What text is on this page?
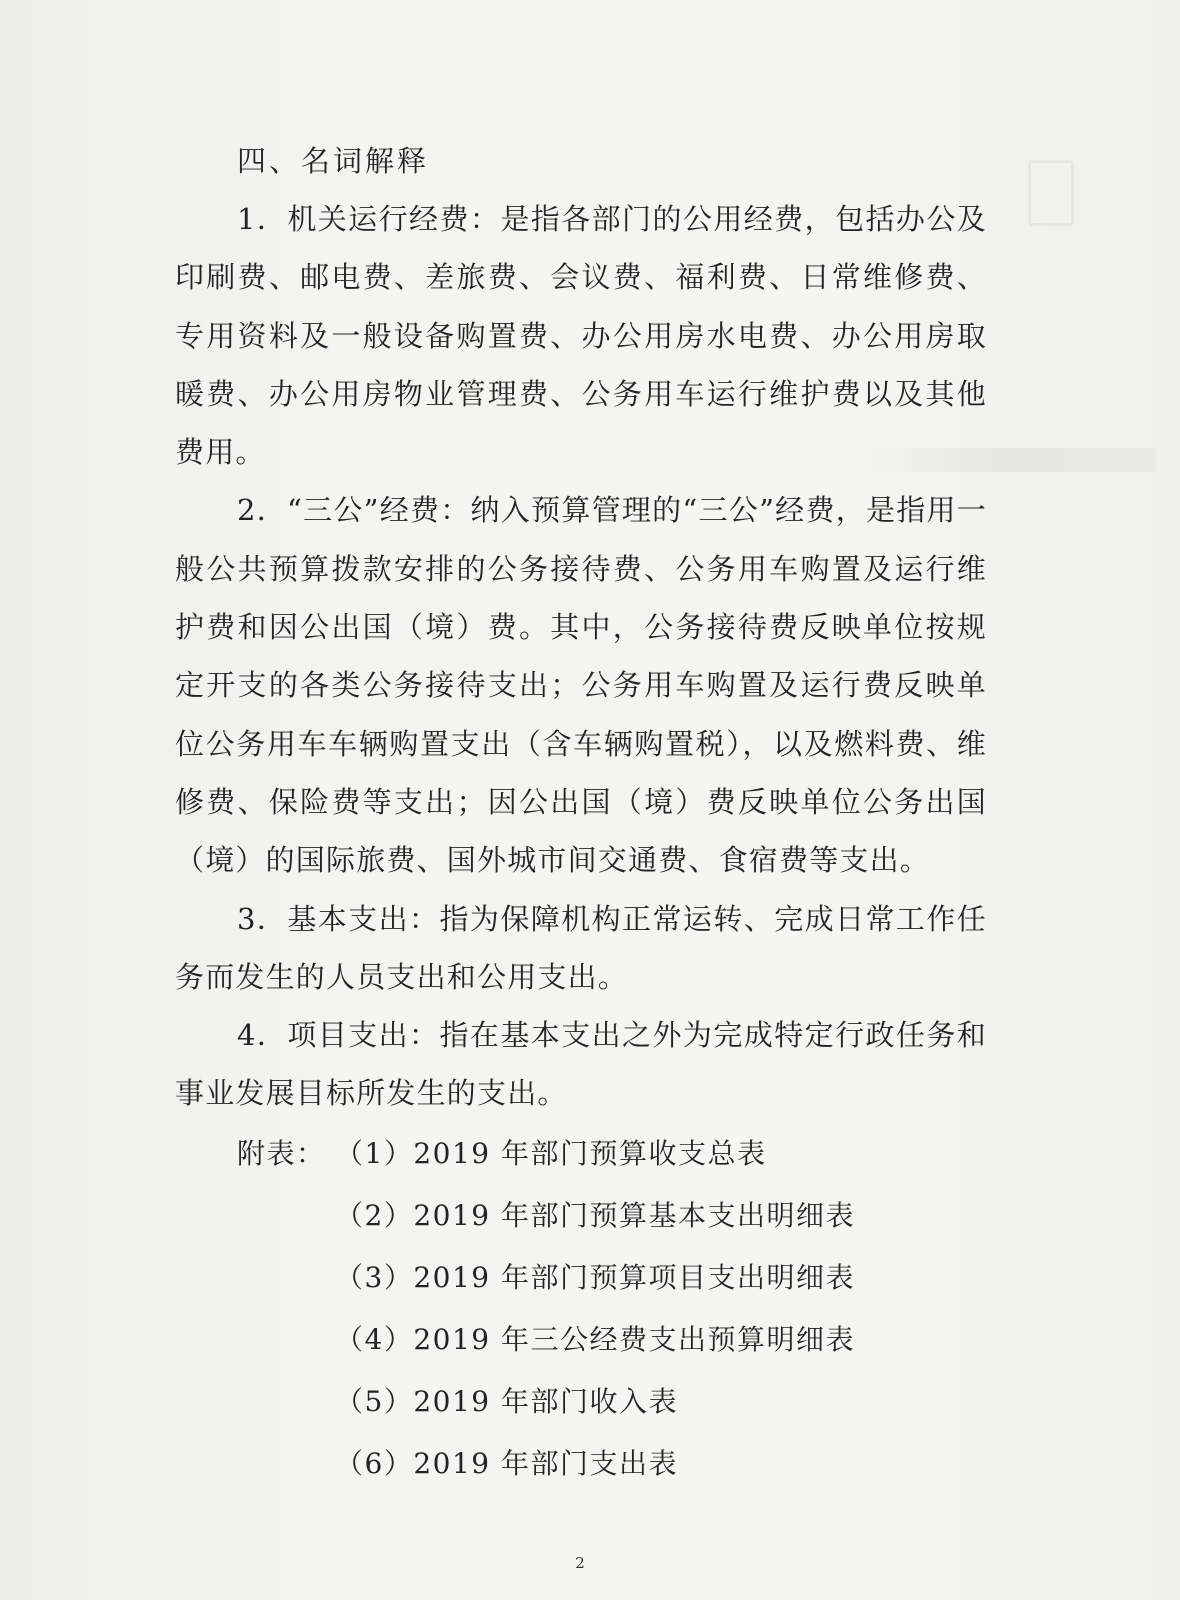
四、名词解释

1．机关运行经费：是指各部门的公用经费，包括办公及印刷费、邮电费、差旅费、会议费、福利费、日常维修费、专用资料及一般设备购置费、办公用房水电费、办公用房取暖费、办公用房物业管理费、公务用车运行维护费以及其他费用。

2．“三公”经费：纳入预算管理的“三公”经费，是指用一般公共预算拨款安排的公务接待费、公务用车购置及运行维护费和因公出国（境）费。其中，公务接待费反映单位按规定开支的各类公务接待支出；公务用车购置及运行费反映单位公务用车车辆购置支出（含车辆购置税），以及燃料费、维修费、保险费等支出；因公出国（境）费反映单位公务出国（境）的国际旅费、国外城市间交通费、食宿费等支出。

3．基本支出：指为保障机构正常运转、完成日常工作任务而发生的人员支出和公用支出。

4．项目支出：指在基本支出之外为完成特定行政任务和事业发展目标所发生的支出。

附表： （1）2019 年部门预算收支总表
（2）2019 年部门预算基本支出明细表
（3）2019 年部门预算项目支出明细表
（4）2019 年三公经费支出预算明细表
（5）2019 年部门收入表
（6）2019 年部门支出表
2
